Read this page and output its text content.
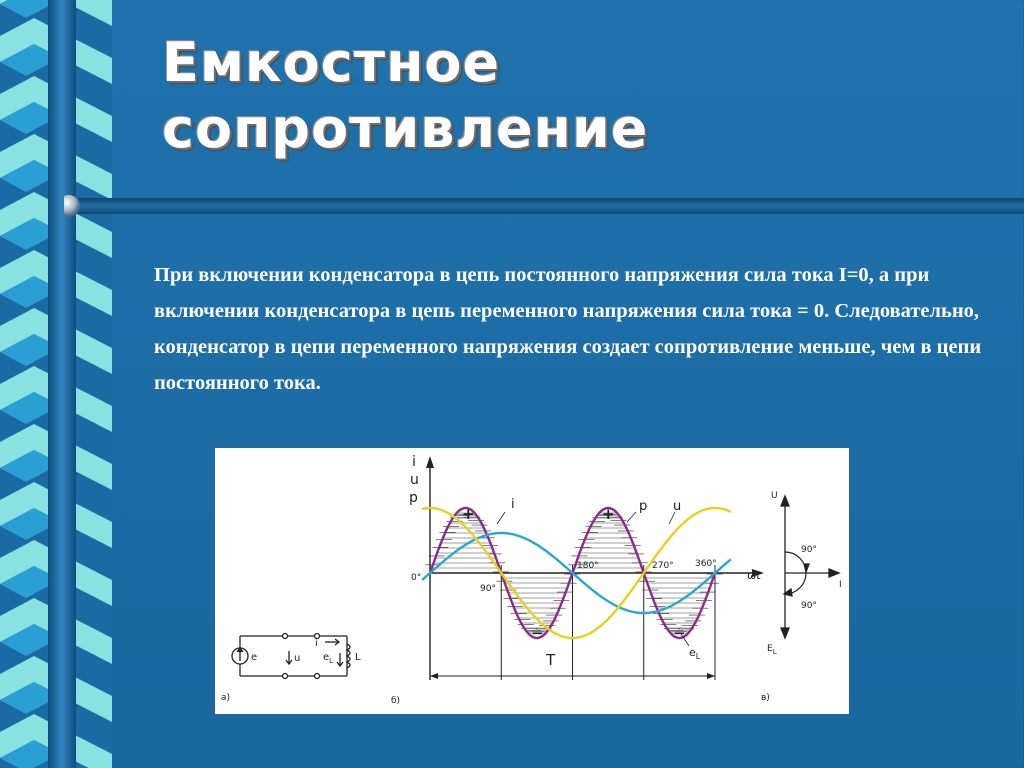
Емкостное
сопротивление

При включении конденсатора в цепь постоянного напряжения сила тока I=0, а при включении конденсатора в цепь переменного напряжения сила тока = 0. Следовательно, конденсатор в цепи переменного напряжения создает сопротивление меньше, чем в цепи постоянного тока.

e	u
i
$e_L$ L
а)
i
u
p
ωt
0°
90°
180°	270° 360°
i	p u
$e_L$
T
+	+
−	−
б)
U
I
$E_L$
90°
90°
в)
